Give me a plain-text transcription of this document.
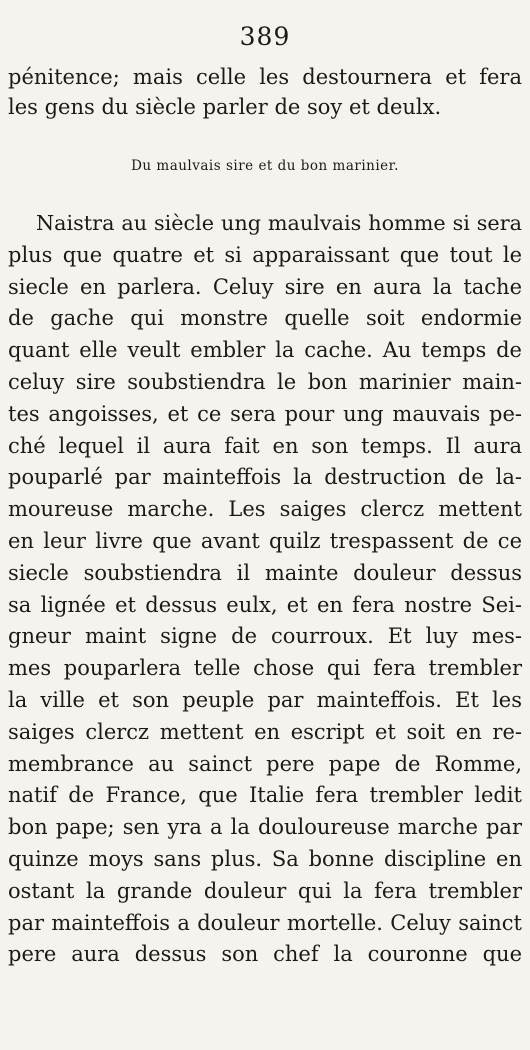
389
pénitence; mais celle les destournera et fera
les gens du siècle parler de soy et deulx.
Du maulvais sire et du bon marinier.
Naistra au siècle ung maulvais homme si sera
plus que quatre et si apparaissant que tout le
siecle en parlera. Celuy sire en aura la tache
de gache qui monstre quelle soit endormie
quant elle veult embler la cache. Au temps de
celuy sire soubstiendra le bon marinier main-
tes angoisses, et ce sera pour ung mauvais pe-
ché lequel il aura fait en son temps. Il aura
pouparlé par mainteffois la destruction de la-
moureuse marche. Les saiges clercz mettent
en leur livre que avant quilz trespassent de ce
siecle soubstiendra il mainte douleur dessus
sa lignée et dessus eulx, et en fera nostre Sei-
gneur maint signe de courroux. Et luy mes-
mes pouparlera telle chose qui fera trembler
la ville et son peuple par mainteffois. Et les
saiges clercz mettent en escript et soit en re-
membrance au sainct pere pape de Romme,
natif de France, que Italie fera trembler ledit
bon pape; sen yra a la douloureuse marche par
quinze moys sans plus. Sa bonne discipline en
ostant la grande douleur qui la fera trembler
par mainteffois a douleur mortelle. Celuy sainct
pere aura dessus son chef la couronne que
